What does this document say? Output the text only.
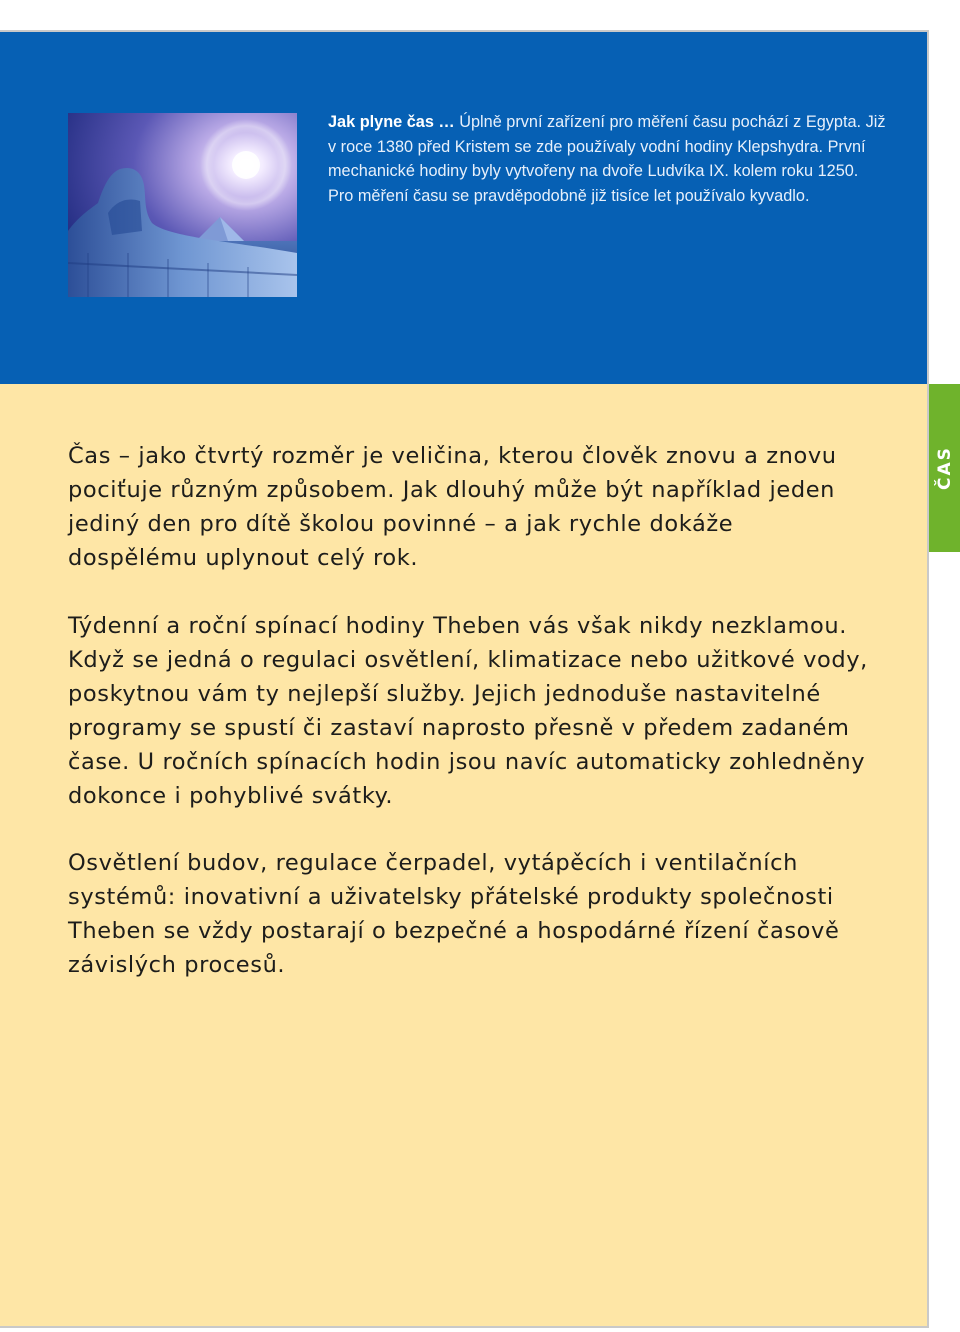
ČAS

Jak plyne čas … Úplně první zařízení pro měření času pochází z Egypta. Již v roce 1380 před Kristem se zde používaly vodní hodiny Klepshydra. První mechanické hodiny byly vytvořeny na dvoře Ludvíka IX. kolem roku 1250. Pro měření času se pravděpodobně již tisíce let používalo kyvadlo.

Čas – jako čtvrtý rozměr je veličina, kterou člověk znovu a znovu pociťuje různým způsobem. Jak dlouhý může být například jeden jediný den pro dítě školou povinné – a jak rychle dokáže dospělému uplynout celý rok.

Týdenní a roční spínací hodiny Theben vás však nikdy nezklamou. Když se jedná o regulaci osvětlení, klimatizace nebo užitkové vody, poskytnou vám ty nejlepší služby. Jejich jednoduše nastavitelné programy se spustí či zastaví naprosto přesně v předem zadaném čase. U ročních spínacích hodin jsou navíc automaticky zohledněny dokonce i pohyblivé svátky.

Osvětlení budov, regulace čerpadel, vytápěcích i ventilačních systémů: inovativní a uživatelsky přátelské produkty společnosti Theben se vždy postarají o bezpečné a hospodárné řízení časově závislých procesů.
